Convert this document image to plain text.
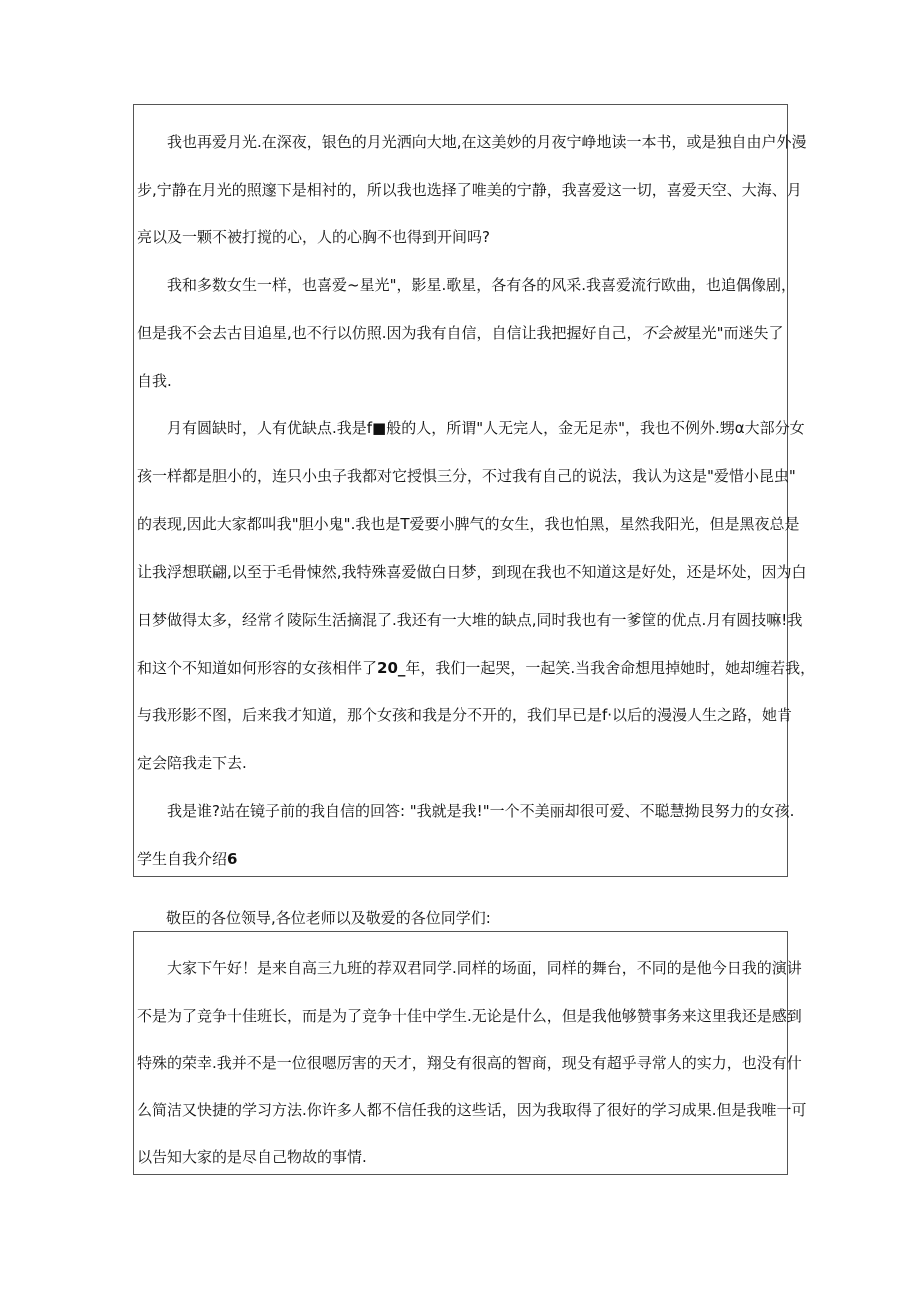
我也再爱月光.在深夜，银色的月光洒向大地,在这美妙的月夜宁峥地读一本书，或是独自由户外漫
步,宁静在月光的照邃下是相衬的，所以我也选择了唯美的宁静，我喜爱这一切，喜爱天空、大海、月
亮以及一颗不被打搅的心，人的心胸不也得到开间吗?
我和多数女生一样，也喜爱~星光"，影星.歌星，各有各的风采.我喜爱流行欧曲，也追偶像剧，
但是我不会去古目追星,也不行以仿照.因为我有自信，自信让我把握好自己，不会被星光"而迷失了
自我.
月有圆缺时，人有优缺点.我是f■般的人，所谓"人无完人，金无足赤"，我也不例外.甥α大部分女
孩一样都是胆小的，连只小虫子我都对它授惧三分，不过我有自己的说法，我认为这是"爱惜小昆虫"
的表现,因此大家都叫我"胆小鬼".我也是T爱要小脾气的女生，我也怕黑，星然我阳光，但是黑夜总是
让我浮想联翩,以至于毛骨悚然,我特殊喜爱做白日梦，到现在我也不知道这是好处，还是坏处，因为白
日梦做得太多，经常彳陵际生活摘混了.我还有一大堆的缺点,同时我也有一爹筐的优点.月有圆技嘛!我
和这个不知道如何形容的女孩相伴了20_年，我们一起哭，一起笑.当我舍命想甩掉她时，她却缠若我，
与我形影不图，后来我才知道，那个女孩和我是分不开的，我们早已是f·以后的漫漫人生之路，她肯
定会陪我走下去.
我是谁?站在镜子前的我自信的回答: "我就是我!"一个不美丽却很可爱、不聪慧拗艮努力的女孩.
学生自我介绍6
敬臣的各位领导,各位老师以及敬爱的各位同学们:
大家下午好！是来自高三九班的荐双君同学.同样的场面，同样的舞台，不同的是他今日我的演讲
不是为了竞争十佳班长，而是为了竞争十佳中学生.无论是什么，但是我他够赞事务来这里我还是感到
特殊的荣幸.我并不是一位很嗯厉害的天才，翔殳有很高的智商，现殳有超乎寻常人的实力，也没有什
么简洁又快捷的学习方法.你许多人都不信任我的这些话，因为我取得了很好的学习成果.但是我唯一可
以告知大家的是尽自己物故的事情.
